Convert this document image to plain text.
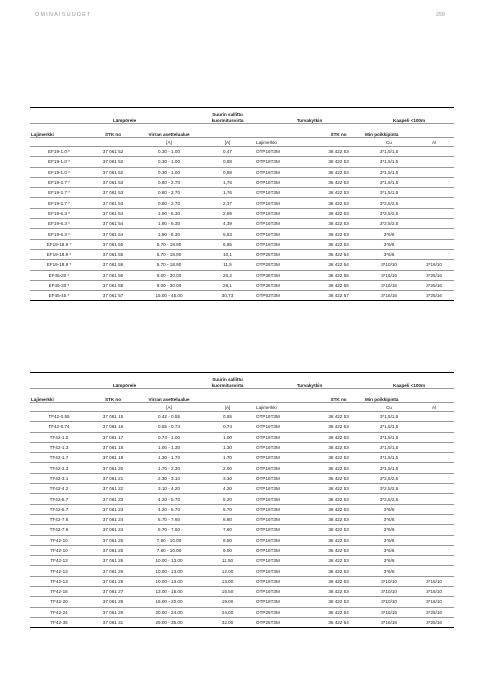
OMINAISUUDET	299
Lämpörele			Suurin sallittu kuormitusvirta	Turvakytkin		Kaapeli <100m	
Lajimerkki	STK no	Virran asettelualue			STK no	Min poikkipinta	
		[A]	[A]	Lajimerkki		Cu	Al
EF19-1.0 *	37 061 52	0.30 - 1.00	0,47	OTP16T3M	36 422 53	3*1,5/1,5	
EF19-1.0 *	37 061 52	0.30 - 1.00	0,88	OTP16T3M	36 422 53	3*1,5/1,5	
EF19-1.0 *	37 061 52	0.30 - 1.00	0,88	OTP16T3M	36 422 53	3*1,5/1,5	
EF19-2.7 *	37 061 53	0.80 - 2.70	1,76	OTP16T3M	36 422 53	3*1,5/1,5	
EF19-2.7 *	37 061 53	0.80 - 2.70	1,76	OTP16T3M	36 422 53	3*1,5/1,5	
EF19-2.7 *	37 061 53	0.80 - 2.70	2,37	OTP16T3M	36 422 53	3*2,5/2,5	
EF19-6.3 *	37 061 54	1.90 - 6.30	2,99	OTP16T3M	36 422 53	3*2,5/2,5	
EF19-6.3 *	37 061 54	1.90 - 6.30	4,39	OTP16T3M	36 422 53	3*2,5/2,5	
EF19-6.3 *	37 061 54	1.90 - 6.30	5,53	OTP16T3M	36 422 53	3*6/6	
EF19-18.9 *	37 061 55	5.70 - 18.90	6,85	OTP16T3M	36 422 53	3*6/6	
EF19-18.9 *	37 061 55	5.70 - 18.90	10,1	OTP25T3M	36 422 54	3*6/6	
EF19-18.9 *	37 061 55	5.70 - 18.90	11,5	OTP25T3M	36 422 54	3*10/10	3*16/10
EF45-30 *	37 061 56	9.00 - 30.00	20,2	OTP36T3M	36 422 55	3*16/16	3*25/16
EF45-30 *	37 061 56	9.00 - 30.00	28,1	OTP36T3M	36 422 55	3*16/16	3*25/16
EF45-45 *	37 061 57	15.00 - 45.00	30,73	OTP63T3M	36 422 57	3*16/16	3*25/16
Lämpörele			Suurin sallittu kuormitusvirta	Turvakytkin		Kaapeli <100m	
Lajimerkki	STK no	Virran asettelualue			STK no	Min poikkipinta	
		[A]	[A]	Lajimerkki		Cu	Al
TF42-0.55	37 061 15	0.42 - 0.55	0.55	OTP16T3M	36 422 53	3*1,5/1,5	
TF42-0.74	37 061 16	0.55 - 0.74	0.74	OTP16T3M	36 422 53	3*1,5/1,5	
TF42-1.0	37 061 17	0.74 - 1.00	1.00	OTP16T3M	36 422 53	3*1,5/1,5	
TF42-1.3	37 061 18	1.00 - 1.30	1.30	OTP16T3M	36 422 53	3*1,5/1,5	
TF42-1.7	37 061 19	1.30 - 1.70	1.70	OTP16T3M	36 422 53	3*1,5/1,5	
TF42-2.3	37 061 20	1.70 - 2.30	2.00	OTP16T3M	36 422 53	3*1,5/1,5	
TF42-3.1	37 061 21	2.30 - 3.10	3.10	OTP16T3M	36 422 53	3*2,5/2,5	
TF42-4.2	37 061 22	3.10 - 4.20	4.20	OTP16T3M	36 422 53	3*2,5/2,5	
TF42-5.7	37 061 23	4.20 - 5.70	5.20	OTP16T3M	36 422 53	3*2,5/2,5	
TF42-5.7	37 061 23	4.20 - 5.70	5.70	OTP16T3M	36 422 53	3*6/6	
TF42-7.6	37 061 24	5.70 - 7.60	6.80	OTP16T3M	36 422 53	3*6/6	
TF42-7.6	37 061 24	5.70 - 7.60	7.60	OTP16T3M	36 422 53	3*6/6	
TF42-10	37 061 25	7.60 - 10.00	8.50	OTP16T3M	36 422 53	3*6/6	
TF42-10	37 061 25	7.60 - 10.00	9.00	OTP16T3M	36 422 53	3*6/6	
TF42-13	37 061 26	10.00 - 13.00	11.50	OTP16T3M	36 422 53	3*6/6	
TF42-13	37 061 26	10.00 - 13.00	12.00	OTP16T3M	36 422 53	3*6/6	
TF42-13	37 061 26	10.00 - 13.00	13.00	OTP16T3M	36 422 53	3*10/10	3*16/10
TF42-16	37 061 27	13.00 - 16.00	15.50	OTP16T3M	36 422 53	3*10/10	3*16/10
TF42-20	37 061 28	16.00 - 20.00	19.00	OTP16T3M	36 422 53	3*10/10	3*16/10
TF42-24	37 061 29	20.00 - 24.00	24.00	OTP25T3M	36 422 54	3*16/16	3*25/16
TF42-35	37 061 31	29.00 - 35.00	32.00	OTP25T3M	36 422 54	3*16/16	3*25/16
